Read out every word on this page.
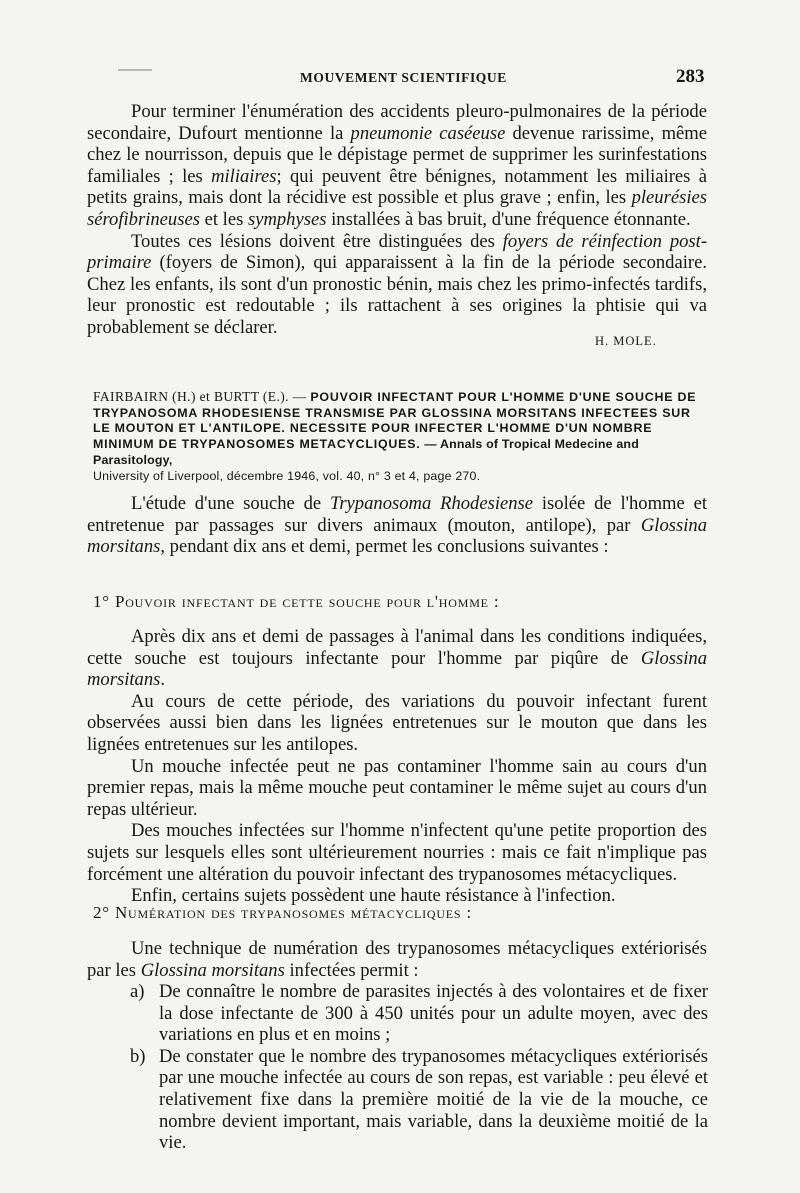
MOUVEMENT SCIENTIFIQUE	283

Pour terminer l'énumération des accidents pleuro-pulmonaires de la période secondaire, Dufourt mentionne la pneumonie caséeuse devenue rarissime, même chez le nourrisson, depuis que le dépistage permet de supprimer les surinfestations familiales ; les miliaires; qui peuvent être bénignes, notamment les miliaires à petits grains, mais dont la récidive est possible et plus grave ; enfin, les pleurésies sérofibrineuses et les symphyses installées à bas bruit, d'une fréquence étonnante.

Toutes ces lésions doivent être distinguées des foyers de réinfection post-primaire (foyers de Simon), qui apparaissent à la fin de la période secondaire. Chez les enfants, ils sont d'un pronostic bénin, mais chez les primo-infectés tardifs, leur pronostic est redoutable ; ils rattachent à ses origines la phtisie qui va probablement se déclarer.

H. MOLE.
FAIRBAIRN (H.) et BURTT (E.). — POUVOIR INFECTANT POUR L'HOMME D'UNE SOUCHE DE TRYPANOSOMA RHODESIENSE TRANSMISE PAR GLOSSINA MORSITANS INFECTEES SUR LE MOUTON ET L'ANTILOPE. NECESSITE POUR INFECTER L'HOMME D'UN NOMBRE MINIMUM DE TRYPANOSOMES METACYCLIQUES. — Annals of Tropical Medecine and Parasitology,
University of Liverpool, décembre 1946, vol. 40, n° 3 et 4, page 270.

L'étude d'une souche de Trypanosoma Rhodesiense isolée de l'homme et entretenue par passages sur divers animaux (mouton, antilope), par Glossina morsitans, pendant dix ans et demi, permet les conclusions suivantes :

1° Pouvoir infectant de cette souche pour l'homme :

Après dix ans et demi de passages à l'animal dans les conditions indiquées, cette souche est toujours infectante pour l'homme par piqûre de Glossina morsitans.

Au cours de cette période, des variations du pouvoir infectant furent observées aussi bien dans les lignées entretenues sur le mouton que dans les lignées entretenues sur les antilopes.

Un mouche infectée peut ne pas contaminer l'homme sain au cours d'un premier repas, mais la même mouche peut contaminer le même sujet au cours d'un repas ultérieur.

Des mouches infectées sur l'homme n'infectent qu'une petite proportion des sujets sur lesquels elles sont ultérieurement nourries : mais ce fait n'implique pas forcément une altération du pouvoir infectant des trypanosomes métacycliques.

Enfin, certains sujets possèdent une haute résistance à l'infection.

2° Numération des trypanosomes métacycliques :

Une technique de numération des trypanosomes métacycliques extériorisés par les Glossina morsitans infectées permit :

a) De connaître le nombre de parasites injectés à des volontaires et de fixer la dose infectante de 300 à 450 unités pour un adulte moyen, avec des variations en plus et en moins ;
b) De constater que le nombre des trypanosomes métacycliques extériorisés par une mouche infectée au cours de son repas, est variable : peu élevé et relativement fixe dans la première moitié de la vie de la mouche, ce nombre devient important, mais variable, dans la deuxième moitié de la vie.
